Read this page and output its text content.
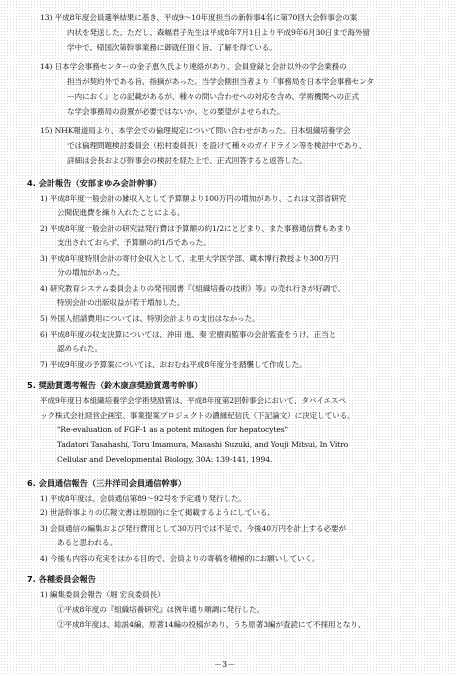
13) 平成8年度会員選挙結果に基き、平成9～10年度担当の新幹事4名に第70回大会幹事会の案
内状を発送した。ただし、森幅君子先生は平成8年7月1日より平成9年6月30日まで海外留
学中で、帰国次第幹事業務に御就任頂く旨、了解を得ている。
14) 日本学会事務センターの金子恵久氏より連絡があり、会員登録と会計以外の学会業務の
担当が契約外である旨、指摘があった。当学会側担当者より『事務局を日本学会事務センタ
ー内におく』との記載があるが、種々の問い合わせへの対応を含め、学術機関への正式
な学会事務局の設置が必要ではないか、との要望がよせられた。
15) NHK報道局より、本学会での倫理規定について問い合わせがあった。日本組織培養学会
では倫理問題検討委員会（松村委員長）を設けて種々のガイドライン等を検討中であり、
詳細は会長および幹事会の検討を経た上で、正式回答すると返答した。
4. 会計報告（安部まゆみ会計幹事）
1) 平成8年度一般会計の雑収入として予算額より100万円の増加があり、これは文部省研究
公開促進費を繰り入れたことによる。
2) 平成8年度一般会計の研究誌発行費は予算額の約1/2にとどまり、また事務通信費もあまり
支出されておらず、予算額の約1/5であった。
3) 平成8年度特別会計の寄付金収入として、北里大学医学部、蔵本博行教授より300万円
分の増加があった。
4) 研究教育システム委員会よりの発刊図書『《組織培養の技術》等』の売れ行きが好調で、
特別会計の出版収益が若干増加した。
5) 外国人招請費用については、特別会計よりの支出はなかった。
6) 平成8年度の収支決算については、沖田 進、奏 宏樹両監事の会計監査をうけ、正当と
認められた。
7) 平成9年度の予算案については、おおむね平成8年度分を踏襲して作成した。
5. 奨励賞選考報告（鈴木康彦奨励賞選考幹事）
平成9年度日本組織培養学会学術奨励賞は、平成8年度第2回幹事会において、タバイエスペ
ック株式会社経営企画室、事業提案プロジェクトの濃縁紀信氏（下記論文）に決定している。
"Re-evaluation of FGF-1 as a potent mitogen for hepatocytes"
Tadatori Tasahashi, Toru Imamura, Masashi Suzuki, and Youji Mitsui, In Vitro
Cellular and Developmental Biology, 30A: 139-141, 1994.
6. 会員通信報告（三井洋司会員通信幹事）
1) 平成8年度は、会員通信第89～92号を予定通り発行した。
2) 世話幹事よりの広報文書は原則的に全て掲載するようにしている。
3) 会員通信の編集および発行費用として30万円では不足で、今後40万円を計上する必要が
あると思われる。
4) 今後も内容の充実をはかる目的で、会員よりの寄稿を積極的にお願いしていく。
7. 各種委員会報告
1) 編集委員会報告（堀 宏良委員長）
①平成8年度の『組織培養研究』は例年通り順調に発行した。
②平成8年度は、総説4編、原著14編の投稿があり、うち原著3編が査読にて不採用となり、
－3－
